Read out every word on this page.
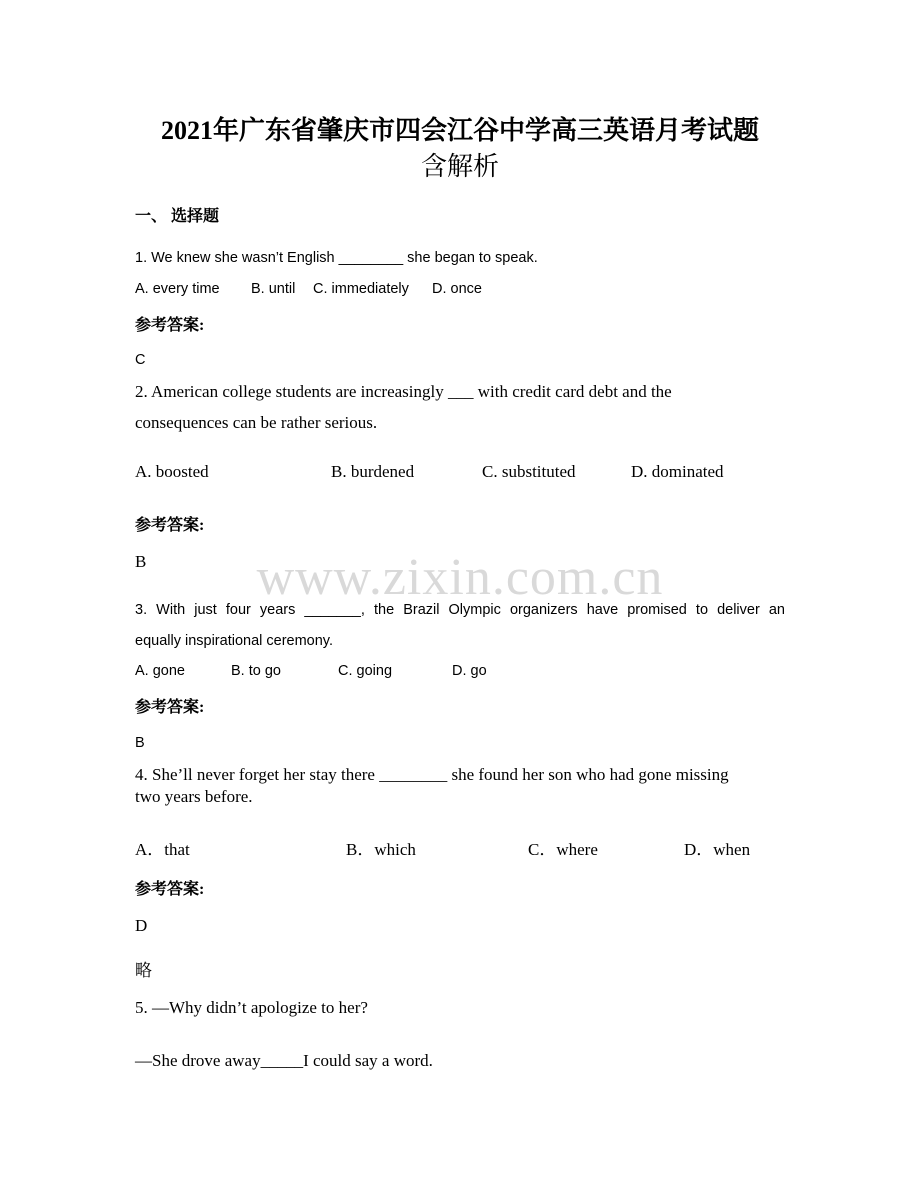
www.zixin.com.cn
2021年广东省肇庆市四会江谷中学高三英语月考试题
含解析
一、 选择题
1. We knew she wasn’t English ________ she began to speak.
A. every time B. until C. immediately D. once
参考答案:
C
2. American college students are increasingly ___ with credit card debt and the
consequences can be rather serious.
A. boosted	B. burdened	C. substituted	D. dominated
参考答案:
B
3. With just four years _______, the Brazil Olympic organizers have promised to deliver an
equally inspirational ceremony.
A. gone	B. to go	C. going	D. go
参考答案:
B
4. She’ll never forget her stay there ________ she found her son who had gone missing
two years before.
A．that	B．which	C．where	D．when
参考答案:
D
略
5. —Why didn’t apologize to her?
—She drove away_____I could say a word.
